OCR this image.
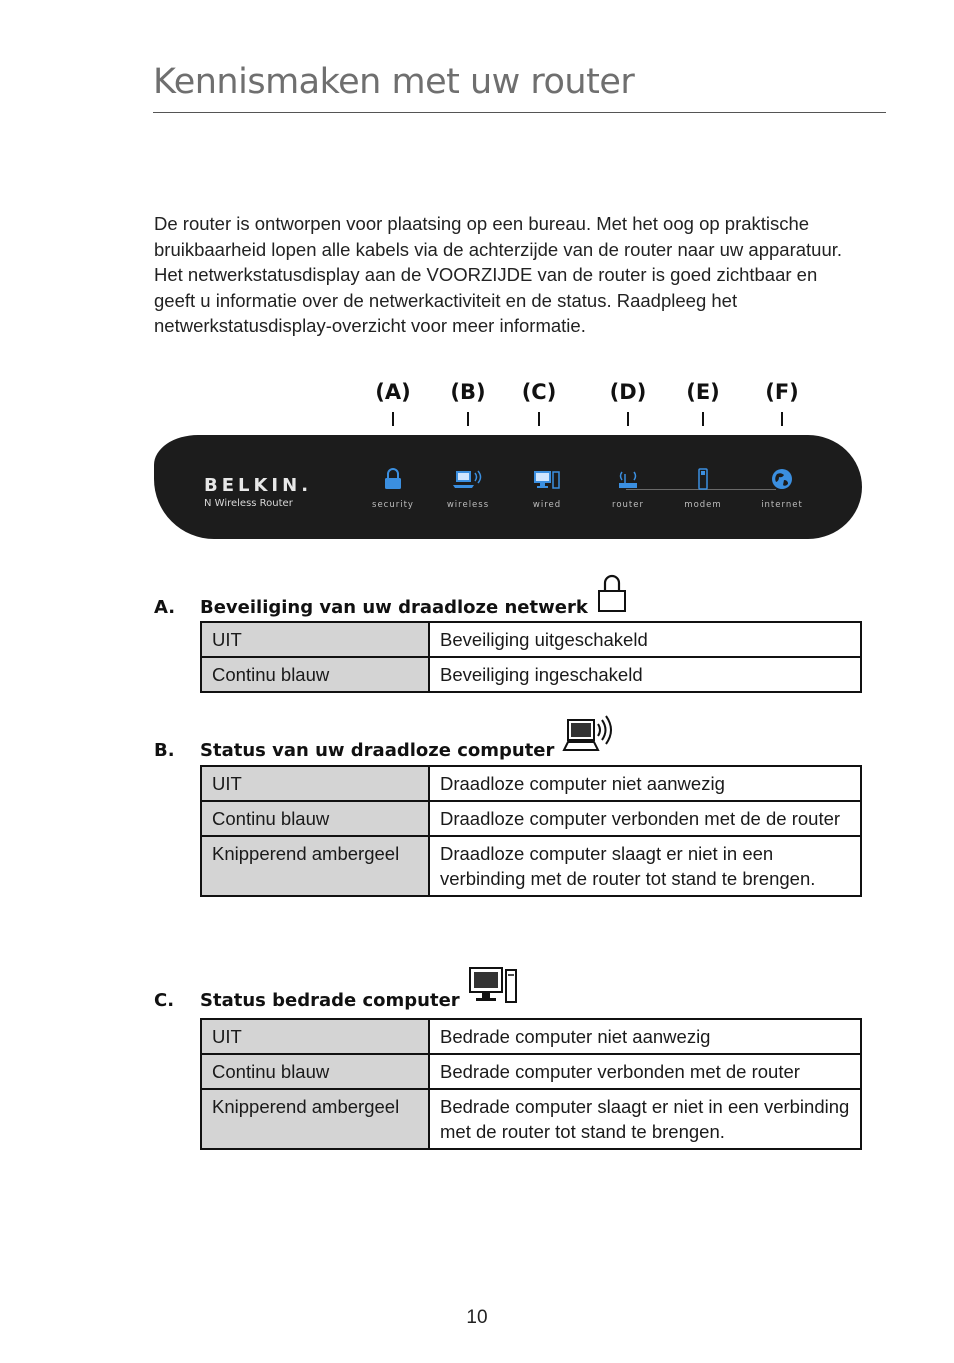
Kennismaken met uw router

De router is ontworpen voor plaatsing op een bureau. Met het oog op praktische bruikbaarheid lopen alle kabels via de achterzijde van de router naar uw apparatuur. Het netwerkstatusdisplay aan de VOORZIJDE van de router is goed zichtbaar en geeft u informatie over de netwerkactiviteit en de status. Raadpleeg het netwerkstatusdisplay-overzicht voor meer informatie.

(A)	(B)	(C)	(D)	(E)	(F)
BELKIN.
N Wireless Router	security	wireless	wired	router	modem	internet
A.	Beveiliging van uw draadloze netwerk
UIT	Beveiliging uitgeschakeld
Continu blauw	Beveiliging ingeschakeld
B.	Status van uw draadloze computer
UIT	Draadloze computer niet aanwezig
Continu blauw	Draadloze computer verbonden met de de router
Knipperend ambergeel	Draadloze computer slaagt er niet in een verbinding met de router tot stand te brengen.
C.	Status bedrade computer
UIT	Bedrade computer niet aanwezig
Continu blauw	Bedrade computer verbonden met de router
Knipperend ambergeel	Bedrade computer slaagt er niet in een verbinding met de router tot stand te brengen.
10
